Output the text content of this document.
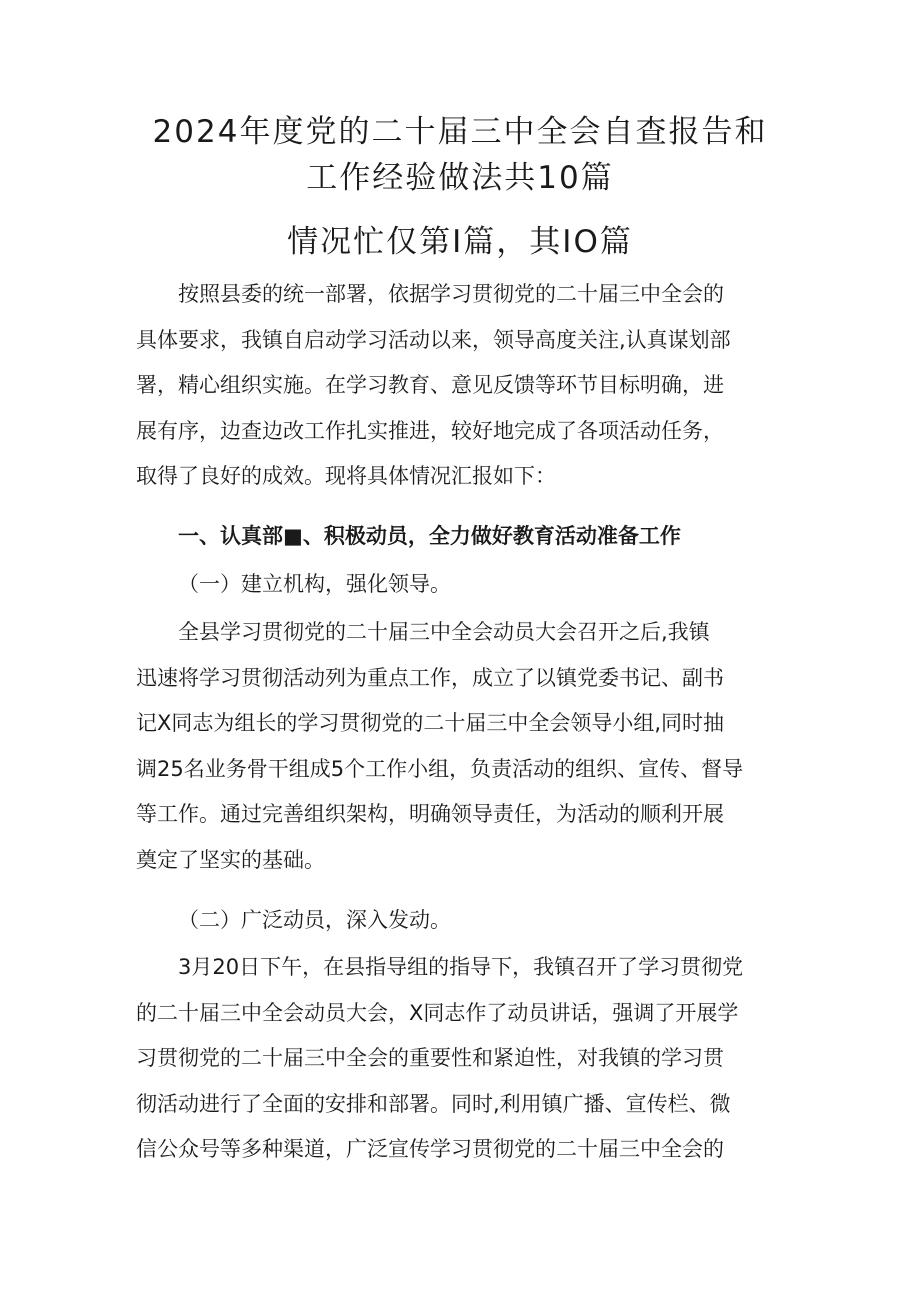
2024年度党的二十届三中全会自查报告和
工作经验做法共10篇
情况忙仅第I篇，其IO篇
　　按照县委的统一部署，依据学习贯彻党的二十届三中全会的
具体要求，我镇自启动学习活动以来，领导高度关注,认真谋划部
署，精心组织实施。在学习教育、意见反馈等环节目标明确，进
展有序，边查边改工作扎实推进，较好地完成了各项活动任务，
取得了良好的成效。现将具体情况汇报如下：
一、认真部■、积极动员，全力做好教育活动准备工作
（一）建立机构，强化领导。
　　全县学习贯彻党的二十届三中全会动员大会召开之后,我镇
迅速将学习贯彻活动列为重点工作，成立了以镇党委书记、副书
记X同志为组长的学习贯彻党的二十届三中全会领导小组,同时抽
调25名业务骨干组成5个工作小组，负责活动的组织、宣传、督导
等工作。通过完善组织架构，明确领导责任，为活动的顺利开展
奠定了坚实的基础。
（二）广泛动员，深入发动。
　　3月20日下午，在县指导组的指导下，我镇召开了学习贯彻党
的二十届三中全会动员大会，X同志作了动员讲话，强调了开展学
习贯彻党的二十届三中全会的重要性和紧迫性，对我镇的学习贯
彻活动进行了全面的安排和部署。同时,利用镇广播、宣传栏、微
信公众号等多种渠道，广泛宣传学习贯彻党的二十届三中全会的
